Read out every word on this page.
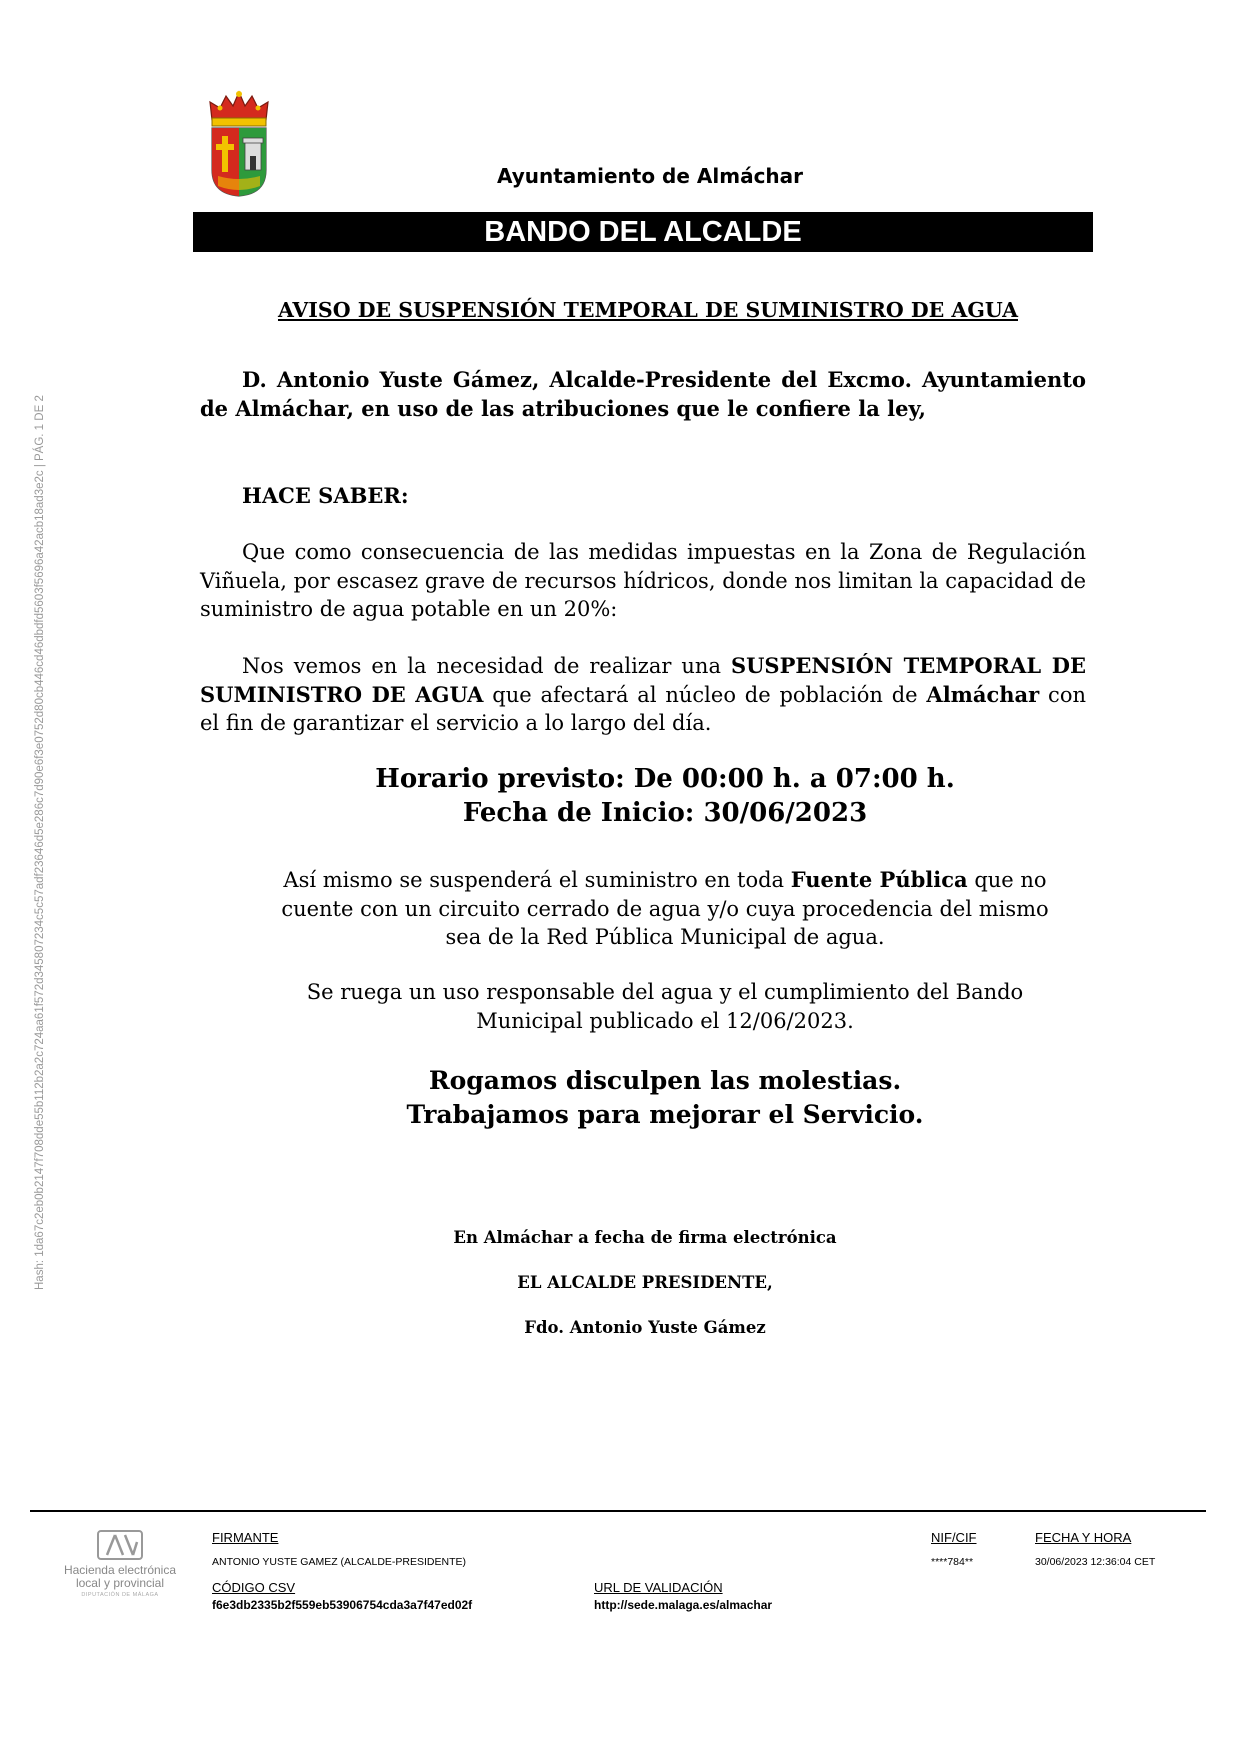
Ayuntamiento de Almáchar
BANDO DEL ALCALDE
Hash: 1da67c2eb0b2147f708dde55b112b2a2c724aa61f572d345807234c5c57adf23646d5e286c7d90e6f3e0752d80cb446cd46dbdfd5603f5696a42acb18ad3e2c | PÁG. 1 DE 2
AVISO DE SUSPENSIÓN TEMPORAL DE SUMINISTRO DE AGUA
D. Antonio Yuste Gámez, Alcalde-Presidente del Excmo. Ayuntamiento de Almáchar, en uso de las atribuciones que le confiere la ley,
HACE SABER:
Que como consecuencia de las medidas impuestas en la Zona de Regulación Viñuela, por escasez grave de recursos hídricos, donde nos limitan la capacidad de suministro de agua potable en un 20%:
Nos vemos en la necesidad de realizar una SUSPENSIÓN TEMPORAL DE SUMINISTRO DE AGUA que afectará al núcleo de población de Almáchar con el fin de garantizar el servicio a lo largo del día.
Horario previsto: De 00:00 h. a 07:00 h.
Fecha de Inicio: 30/06/2023
Así mismo se suspenderá el suministro en toda Fuente Pública que no
cuente con un circuito cerrado de agua y/o cuya procedencia del mismo
sea de la Red Pública Municipal de agua.
Se ruega un uso responsable del agua y el cumplimiento del Bando
Municipal publicado el 12/06/2023.
Rogamos disculpen las molestias.
Trabajamos para mejorar el Servicio.
En Almáchar a fecha de firma electrónica
EL ALCALDE PRESIDENTE,
Fdo. Antonio Yuste Gámez
Hacienda electrónica
local y provincial
DIPUTACIÓN DE MÁLAGA
FIRMANTE
ANTONIO YUSTE GAMEZ (ALCALDE-PRESIDENTE)
NIF/CIF
****784**
FECHA Y HORA
30/06/2023 12:36:04 CET
CÓDIGO CSV
f6e3db2335b2f559eb53906754cda3a7f47ed02f
URL DE VALIDACIÓN
http://sede.malaga.es/almachar
